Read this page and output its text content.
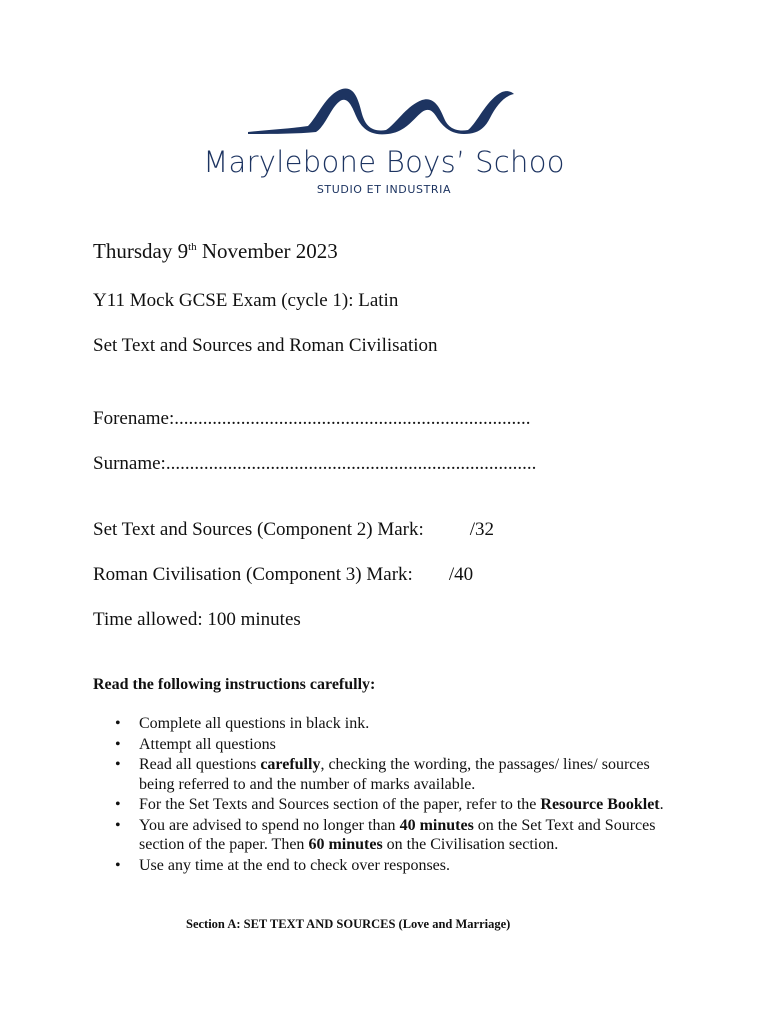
Marylebone Boys’ Schoo
STUDIO ET INDUSTRIA
Thursday 9th November 2023
Y11 Mock GCSE Exam (cycle 1): Latin
Set Text and Sources and Roman Civilisation
Forename:...........................................................................
Surname:..............................................................................
Set Text and Sources (Component 2) Mark: /32
Roman Civilisation (Component 3) Mark: /40
Time allowed: 100 minutes
Read the following instructions carefully:
• Complete all questions in black ink.
• Attempt all questions
• Read all questions carefully, checking the wording, the passages/ lines/ sources being referred to and the number of marks available.
• For the Set Texts and Sources section of the paper, refer to the Resource Booklet.
• You are advised to spend no longer than 40 minutes on the Set Text and Sources section of the paper. Then 60 minutes on the Civilisation section.
• Use any time at the end to check over responses.
Section A: SET TEXT AND SOURCES (Love and Marriage)
